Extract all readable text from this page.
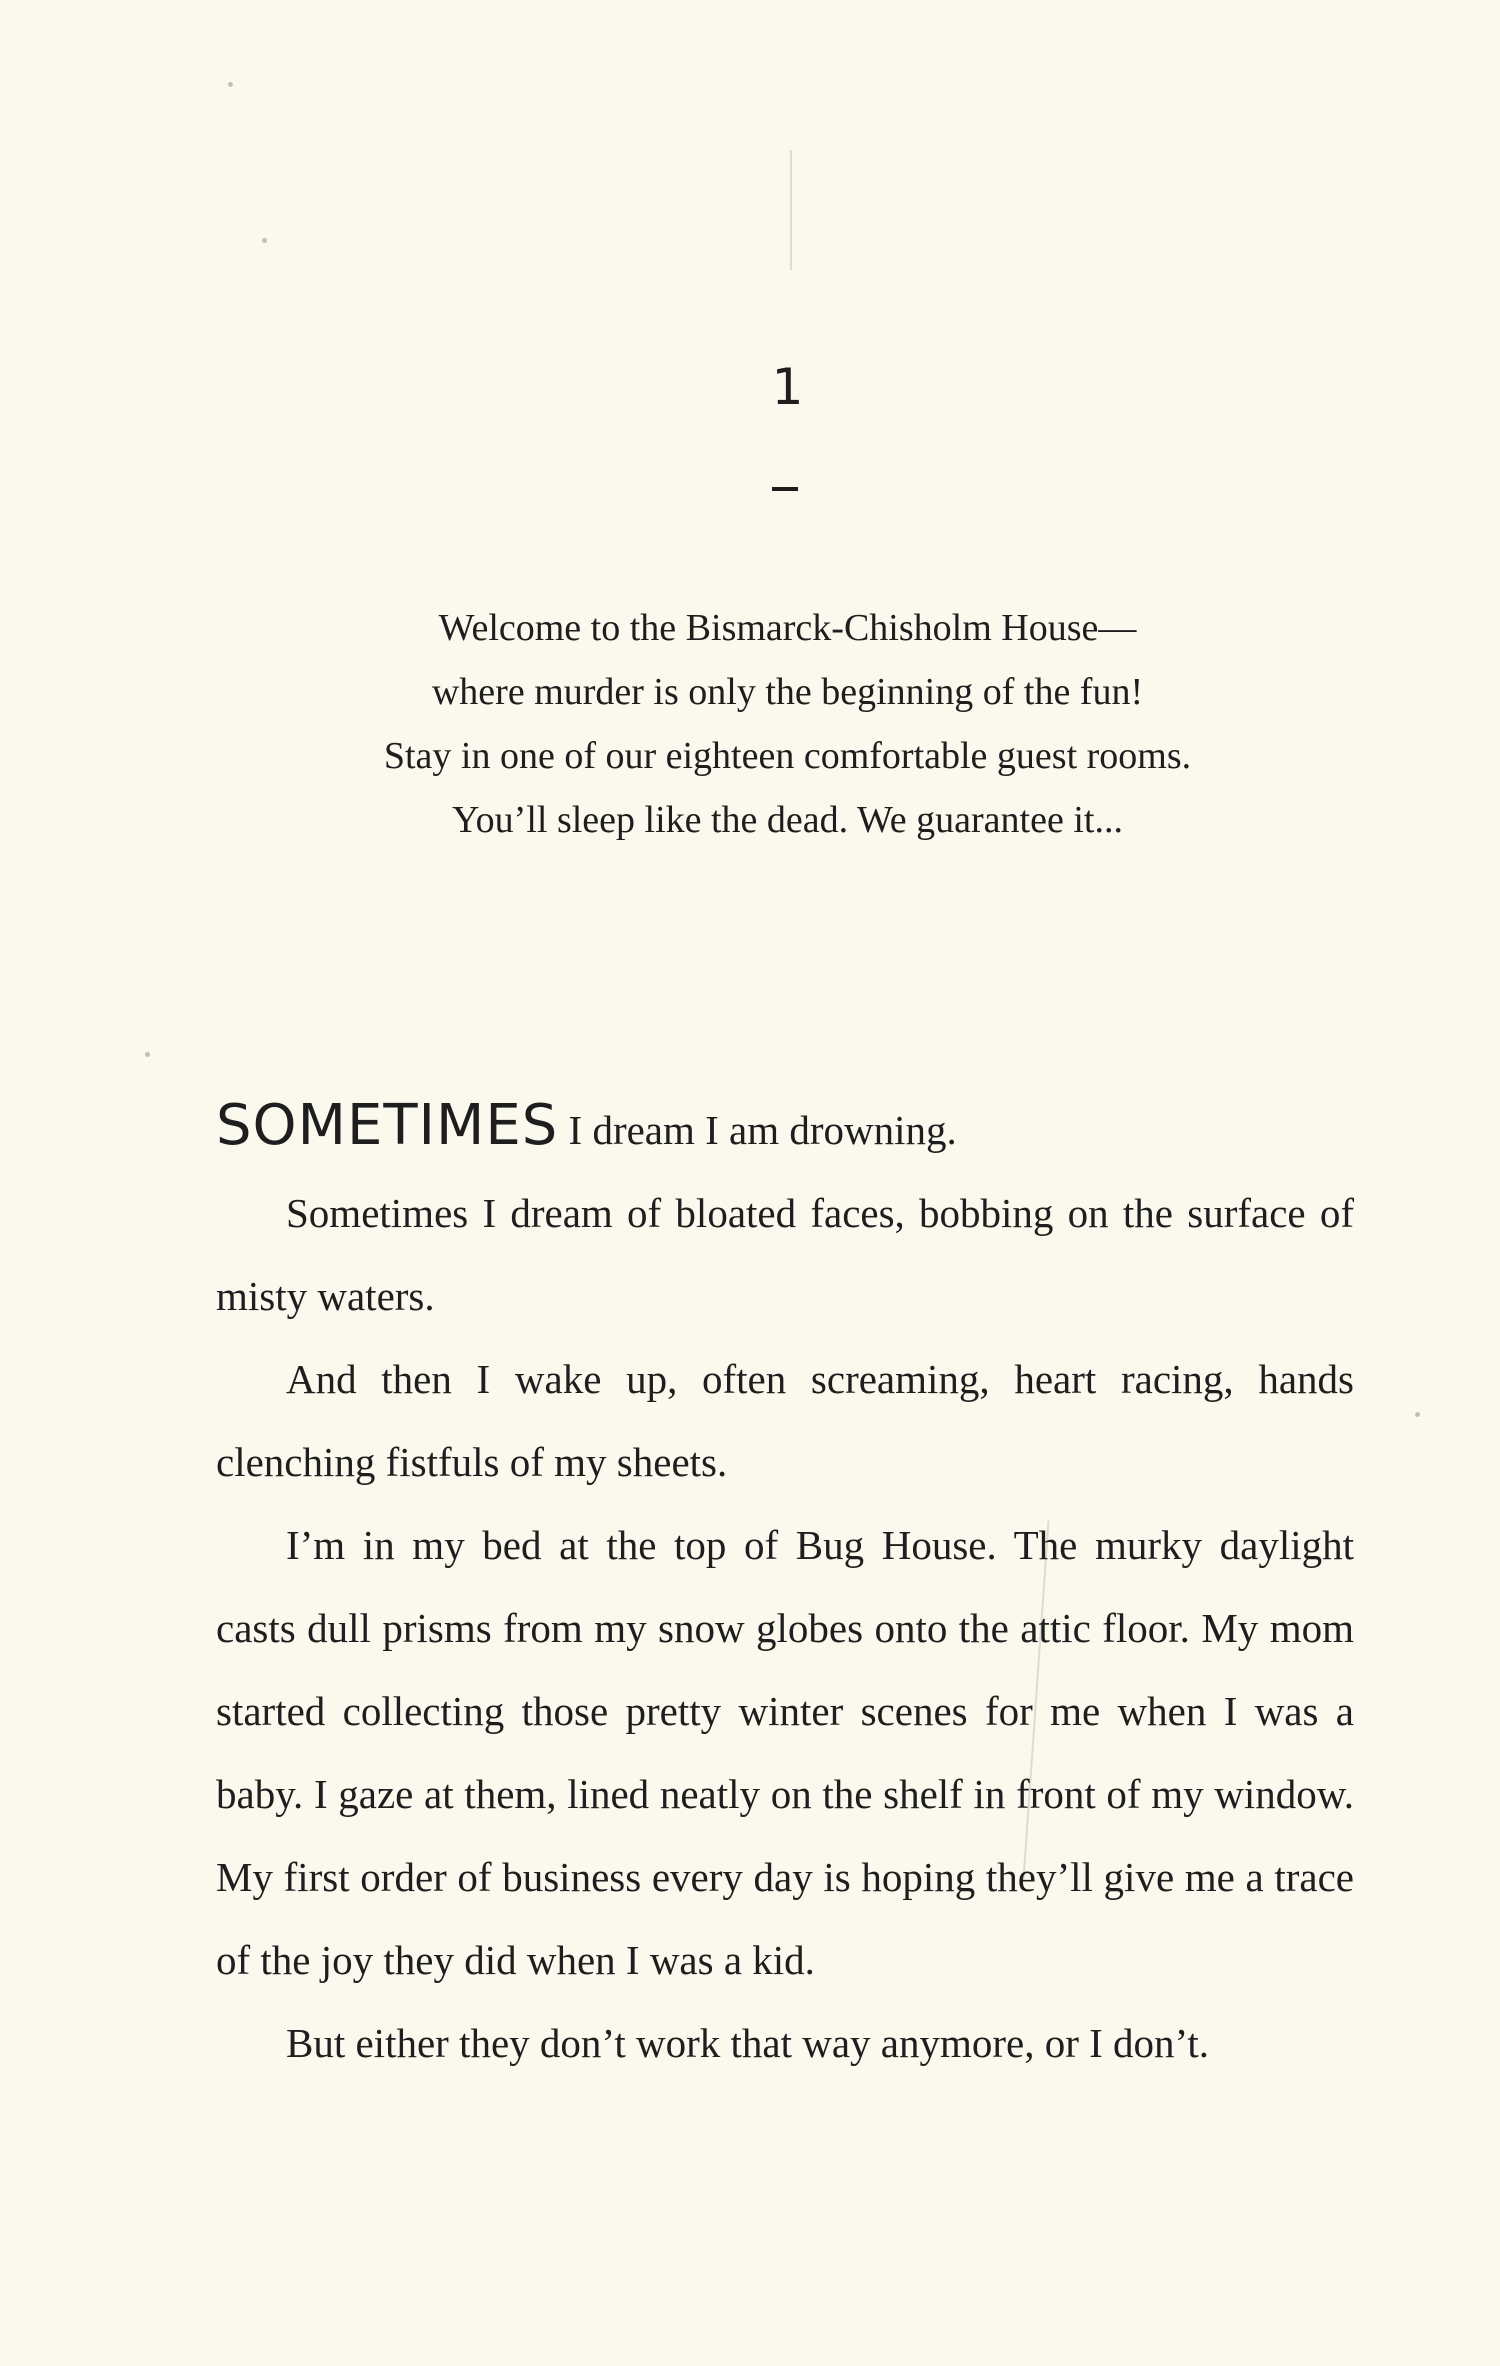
1
Welcome to the Bismarck-Chisholm House—
where murder is only the beginning of the fun!
Stay in one of our eighteen comfortable guest rooms.
You’ll sleep like the dead. We guarantee it...

SOMETIMES I dream I am drowning.

Sometimes I dream of bloated faces, bobbing on the surface of misty waters.

And then I wake up, often screaming, heart racing, hands clenching fistfuls of my sheets.

I’m in my bed at the top of Bug House. The murky daylight casts dull prisms from my snow globes onto the attic floor. My mom started collecting those pretty winter scenes for me when I was a baby. I gaze at them, lined neatly on the shelf in front of my window. My first order of business every day is hoping they’ll give me a trace of the joy they did when I was a kid.

But either they don’t work that way anymore, or I don’t.
